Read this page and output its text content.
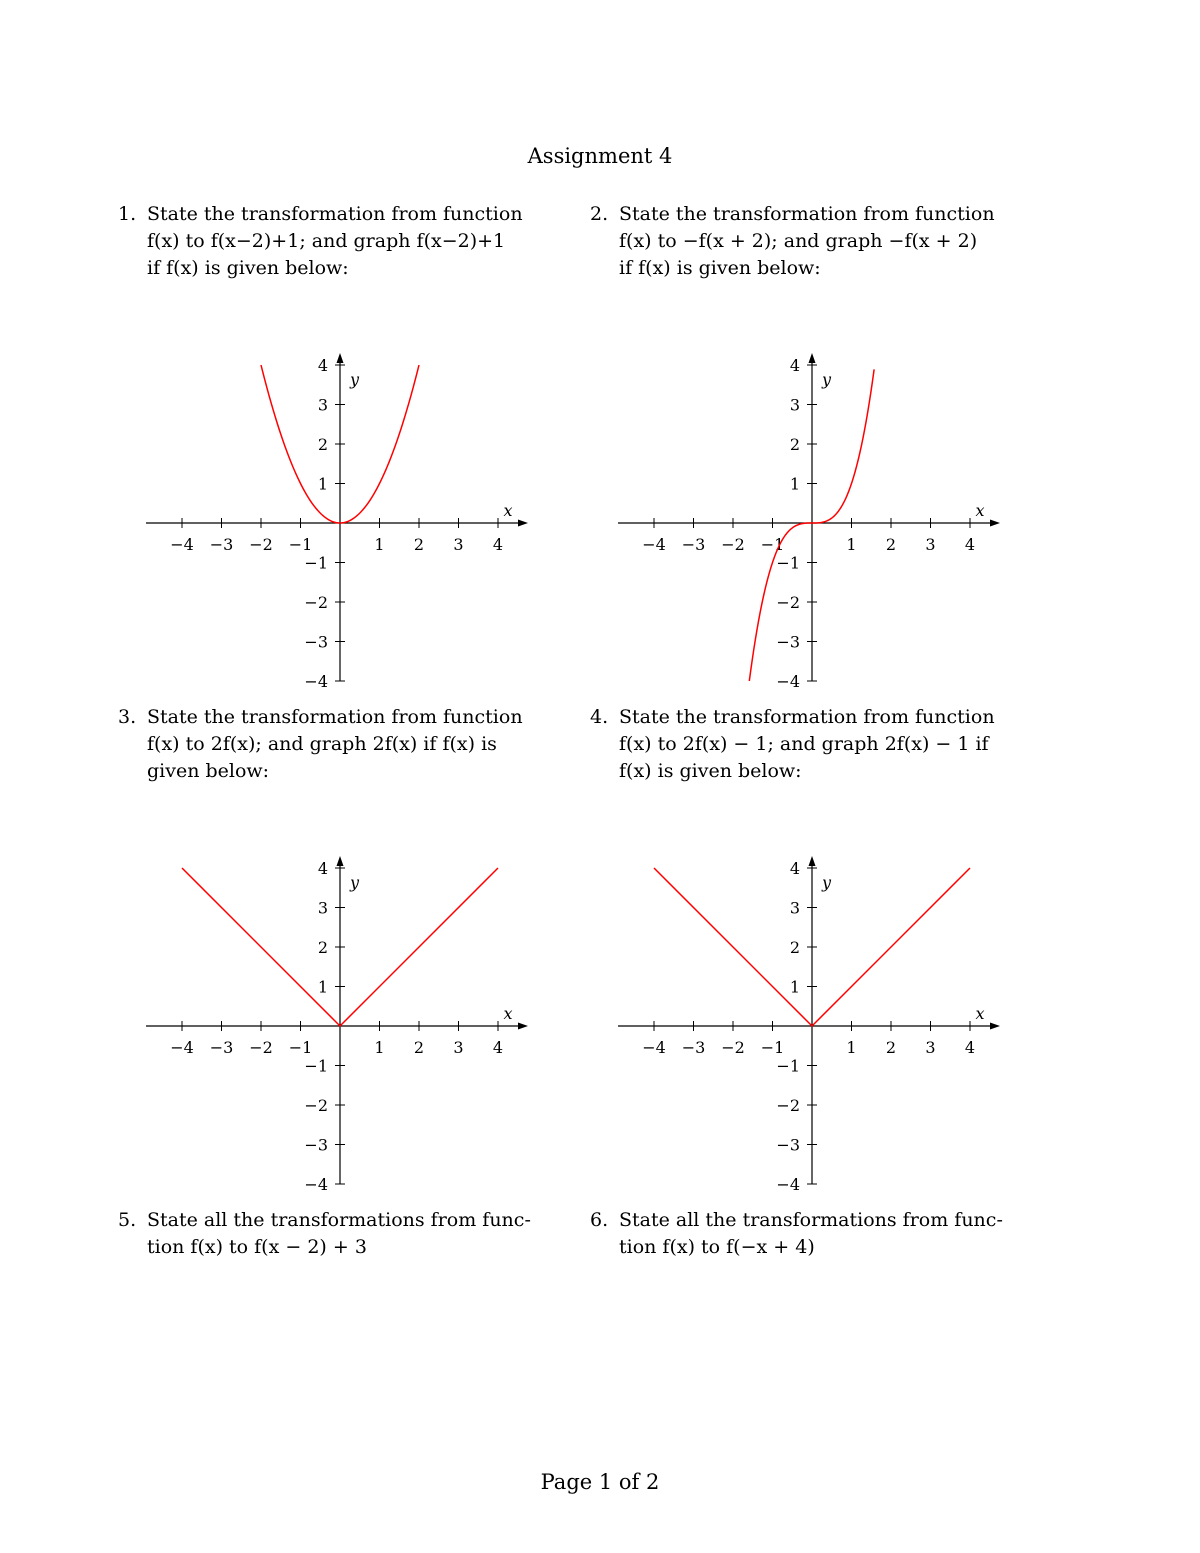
Assignment 4
1. State the transformation from function
f(x) to f(x−2)+1; and graph f(x−2)+1
if f(x) is given below:
2. State the transformation from function
f(x) to −f(x + 2); and graph −f(x + 2)
if f(x) is given below:
−4 −3 −2 −1	1 2 3 4
−4
−3
−2
−1
1
2
3
4
x
y
−4 −3 −2 −1	1 2 3 4
−4
−3
−2
−1
1
2
3
4
x
y
3. State the transformation from function
f(x) to 2f(x); and graph 2f(x) if f(x) is
given below:
4. State the transformation from function
f(x) to 2f(x) − 1; and graph 2f(x) − 1 if
f(x) is given below:
−4 −3 −2 −1	1 2 3 4
−4
−3
−2
−1
1
2
3
4
x
y
−4 −3 −2 −1	1 2 3 4
−4
−3
−2
−1
1
2
3
4
x
y
5. State all the transformations from func-
tion f(x) to f(x − 2) + 3
6. State all the transformations from func-
tion f(x) to f(−x + 4)
Page 1 of 2
